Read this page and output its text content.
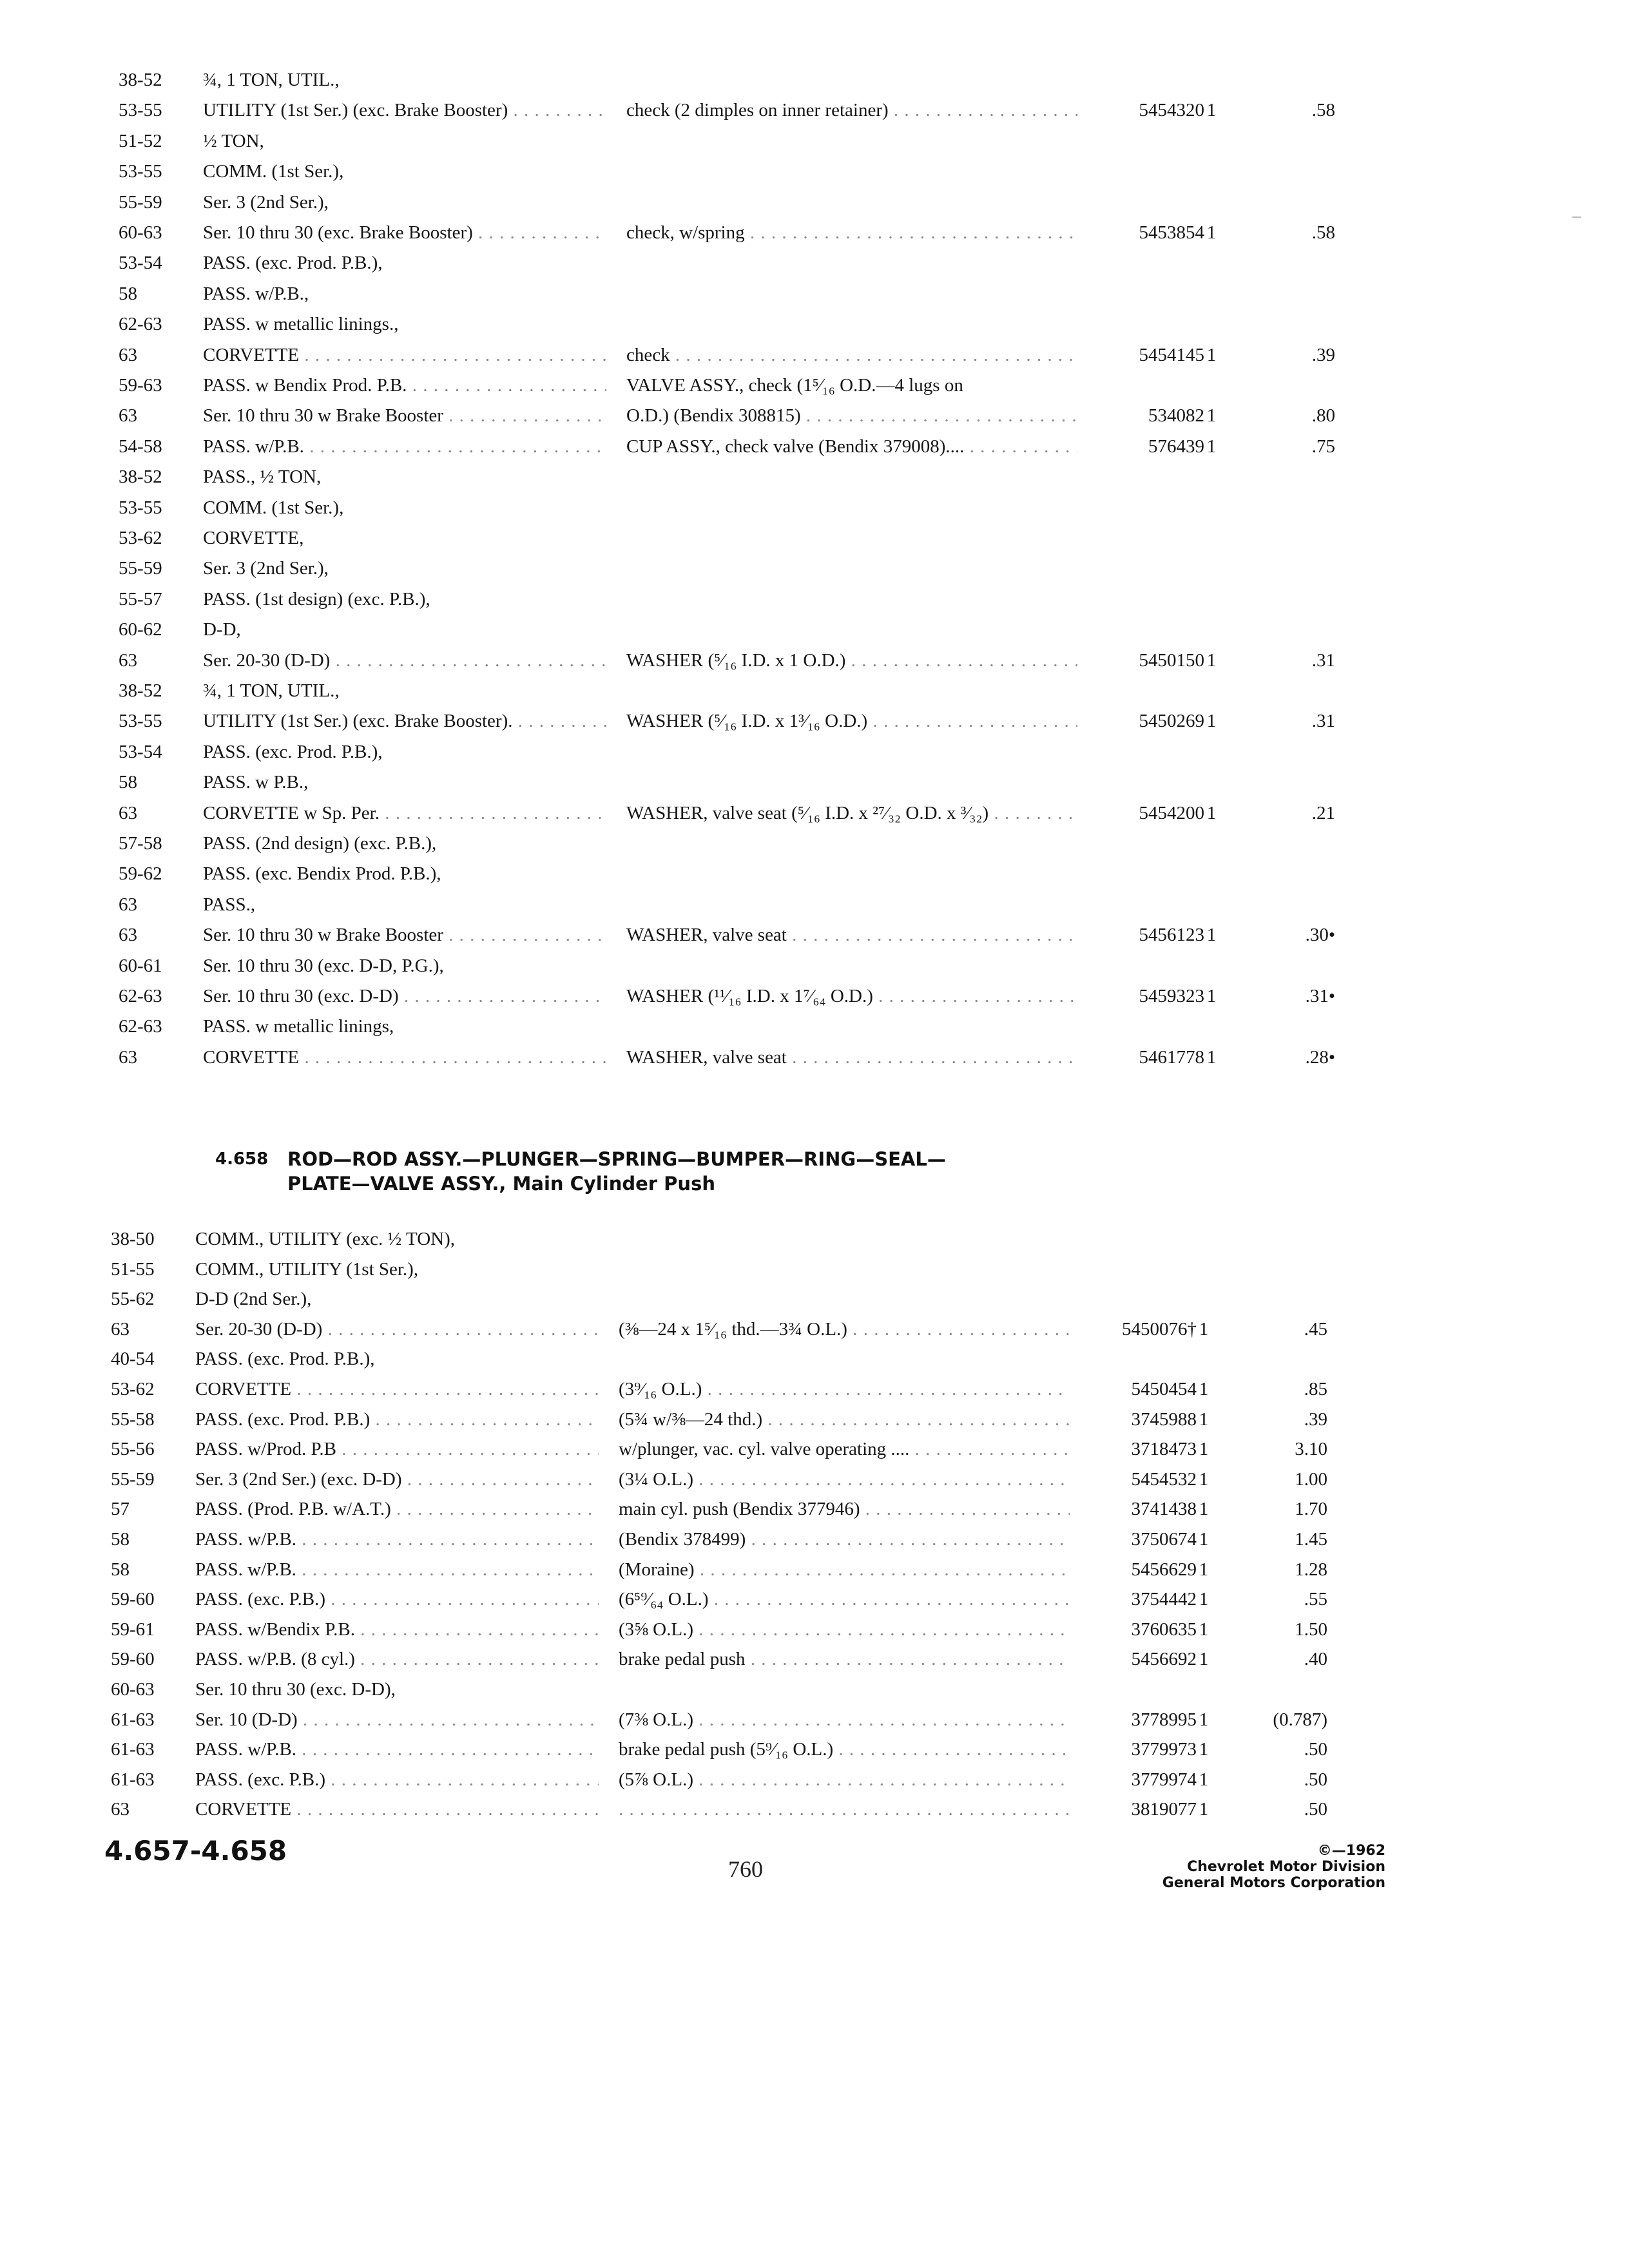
38-52	¾, 1 TON, UTIL.,
53-55	UTILITY (1st Ser.) (exc. Brake Booster) . . .	check (2 dimples on inner retainer) . . .	5454320 1	.58
51-52	½ TON,
53-55	COMM. (1st Ser.),
55-59	Ser. 3 (2nd Ser.),
60-63	Ser. 10 thru 30 (exc. Brake Booster) . . .	check, w/spring . . .	5453854 1	.58
53-54	PASS. (exc. Prod. P.B.),
58	PASS. w/P.B.,
62-63	PASS. w metallic linings.,
63	CORVETTE . . .	check . . .	5454145 1	.39
59-63	PASS. w Bendix Prod. P.B. . . .	VALVE ASSY., check (1⁵⁄₁₆ O.D.—4 lugs on
63	Ser. 10 thru 30 w Brake Booster . . .	O.D.) (Bendix 308815) . . .	534082 1	.80
54-58	PASS. w/P.B. . . .	CUP ASSY., check valve (Bendix 379008).... . . .	576439 1	.75
38-52	PASS., ½ TON,
53-55	COMM. (1st Ser.),
53-62	CORVETTE,
55-59	Ser. 3 (2nd Ser.),
55-57	PASS. (1st design) (exc. P.B.),
60-62	D-D,
63	Ser. 20-30 (D-D) . . .	WASHER (⁵⁄₁₆ I.D. x 1 O.D.) . . .	5450150 1	.31
38-52	¾, 1 TON, UTIL.,
53-55	UTILITY (1st Ser.) (exc. Brake Booster). . . .	WASHER (⁵⁄₁₆ I.D. x 1³⁄₁₆ O.D.) . . .	5450269 1	.31
53-54	PASS. (exc. Prod. P.B.),
58	PASS. w P.B.,
63	CORVETTE w Sp. Per. . . .	WASHER, valve seat (⁵⁄₁₆ I.D. x ²⁷⁄₃₂ O.D. x ³⁄₃₂) . . .	5454200 1	.21
57-58	PASS. (2nd design) (exc. P.B.),
59-62	PASS. (exc. Bendix Prod. P.B.),
63	PASS.,
63	Ser. 10 thru 30 w Brake Booster . . .	WASHER, valve seat . . .	5456123 1	.30•
60-61	Ser. 10 thru 30 (exc. D-D, P.G.),
62-63	Ser. 10 thru 30 (exc. D-D) . . .	WASHER (¹¹⁄₁₆ I.D. x 1⁷⁄₆₄ O.D.) . . .	5459323 1	.31•
62-63	PASS. w metallic linings,
63	CORVETTE . . .	WASHER, valve seat . . .	5461778 1	.28•
4.658 ROD—ROD ASSY.—PLUNGER—SPRING—BUMPER—RING—SEAL—
PLATE—VALVE ASSY., Main Cylinder Push
38-50	COMM., UTILITY (exc. ½ TON),
51-55	COMM., UTILITY (1st Ser.),
55-62	D-D (2nd Ser.),
63	Ser. 20-30 (D-D) . . .	(⅜—24 x 1⁵⁄₁₆ thd.—3¾ O.L.) . . .	5450076† 1	.45
40-54	PASS. (exc. Prod. P.B.),
53-62	CORVETTE . . .	(3⁹⁄₁₆ O.L.) . . .	5450454 1	.85
55-58	PASS. (exc. Prod. P.B.) . . .	(5¾ w/⅜—24 thd.) . . .	3745988 1	.39
55-56	PASS. w/Prod. P.B . . .	w/plunger, vac. cyl. valve operating .... . . .	3718473 1	3.10
55-59	Ser. 3 (2nd Ser.) (exc. D-D) . . .	(3¼ O.L.) . . .	5454532 1	1.00
57	PASS. (Prod. P.B. w/A.T.) . . .	main cyl. push (Bendix 377946) . . .	3741438 1	1.70
58	PASS. w/P.B. . . .	(Bendix 378499) . . .	3750674 1	1.45
58	PASS. w/P.B. . . .	(Moraine) . . .	5456629 1	1.28
59-60	PASS. (exc. P.B.) . . .	(6⁵⁹⁄₆₄ O.L.) . . .	3754442 1	.55
59-61	PASS. w/Bendix P.B. . . .	(3⅝ O.L.) . . .	3760635 1	1.50
59-60	PASS. w/P.B. (8 cyl.) . . .	brake pedal push . . .	5456692 1	.40
60-63	Ser. 10 thru 30 (exc. D-D),
61-63	Ser. 10 (D-D) . . .	(7⅜ O.L.) . . .	3778995 1	(0.787)
61-63	PASS. w/P.B. . . .	brake pedal push (5⁹⁄₁₆ O.L.) . . .	3779973 1	.50
61-63	PASS. (exc. P.B.) . . .	(5⅞ O.L.) . . .	3779974 1	.50
63	CORVETTE . . .
. . .	3819077 1	.50
4.657-4.658
760
©—1962
Chevrolet Motor Division
General Motors Corporation
